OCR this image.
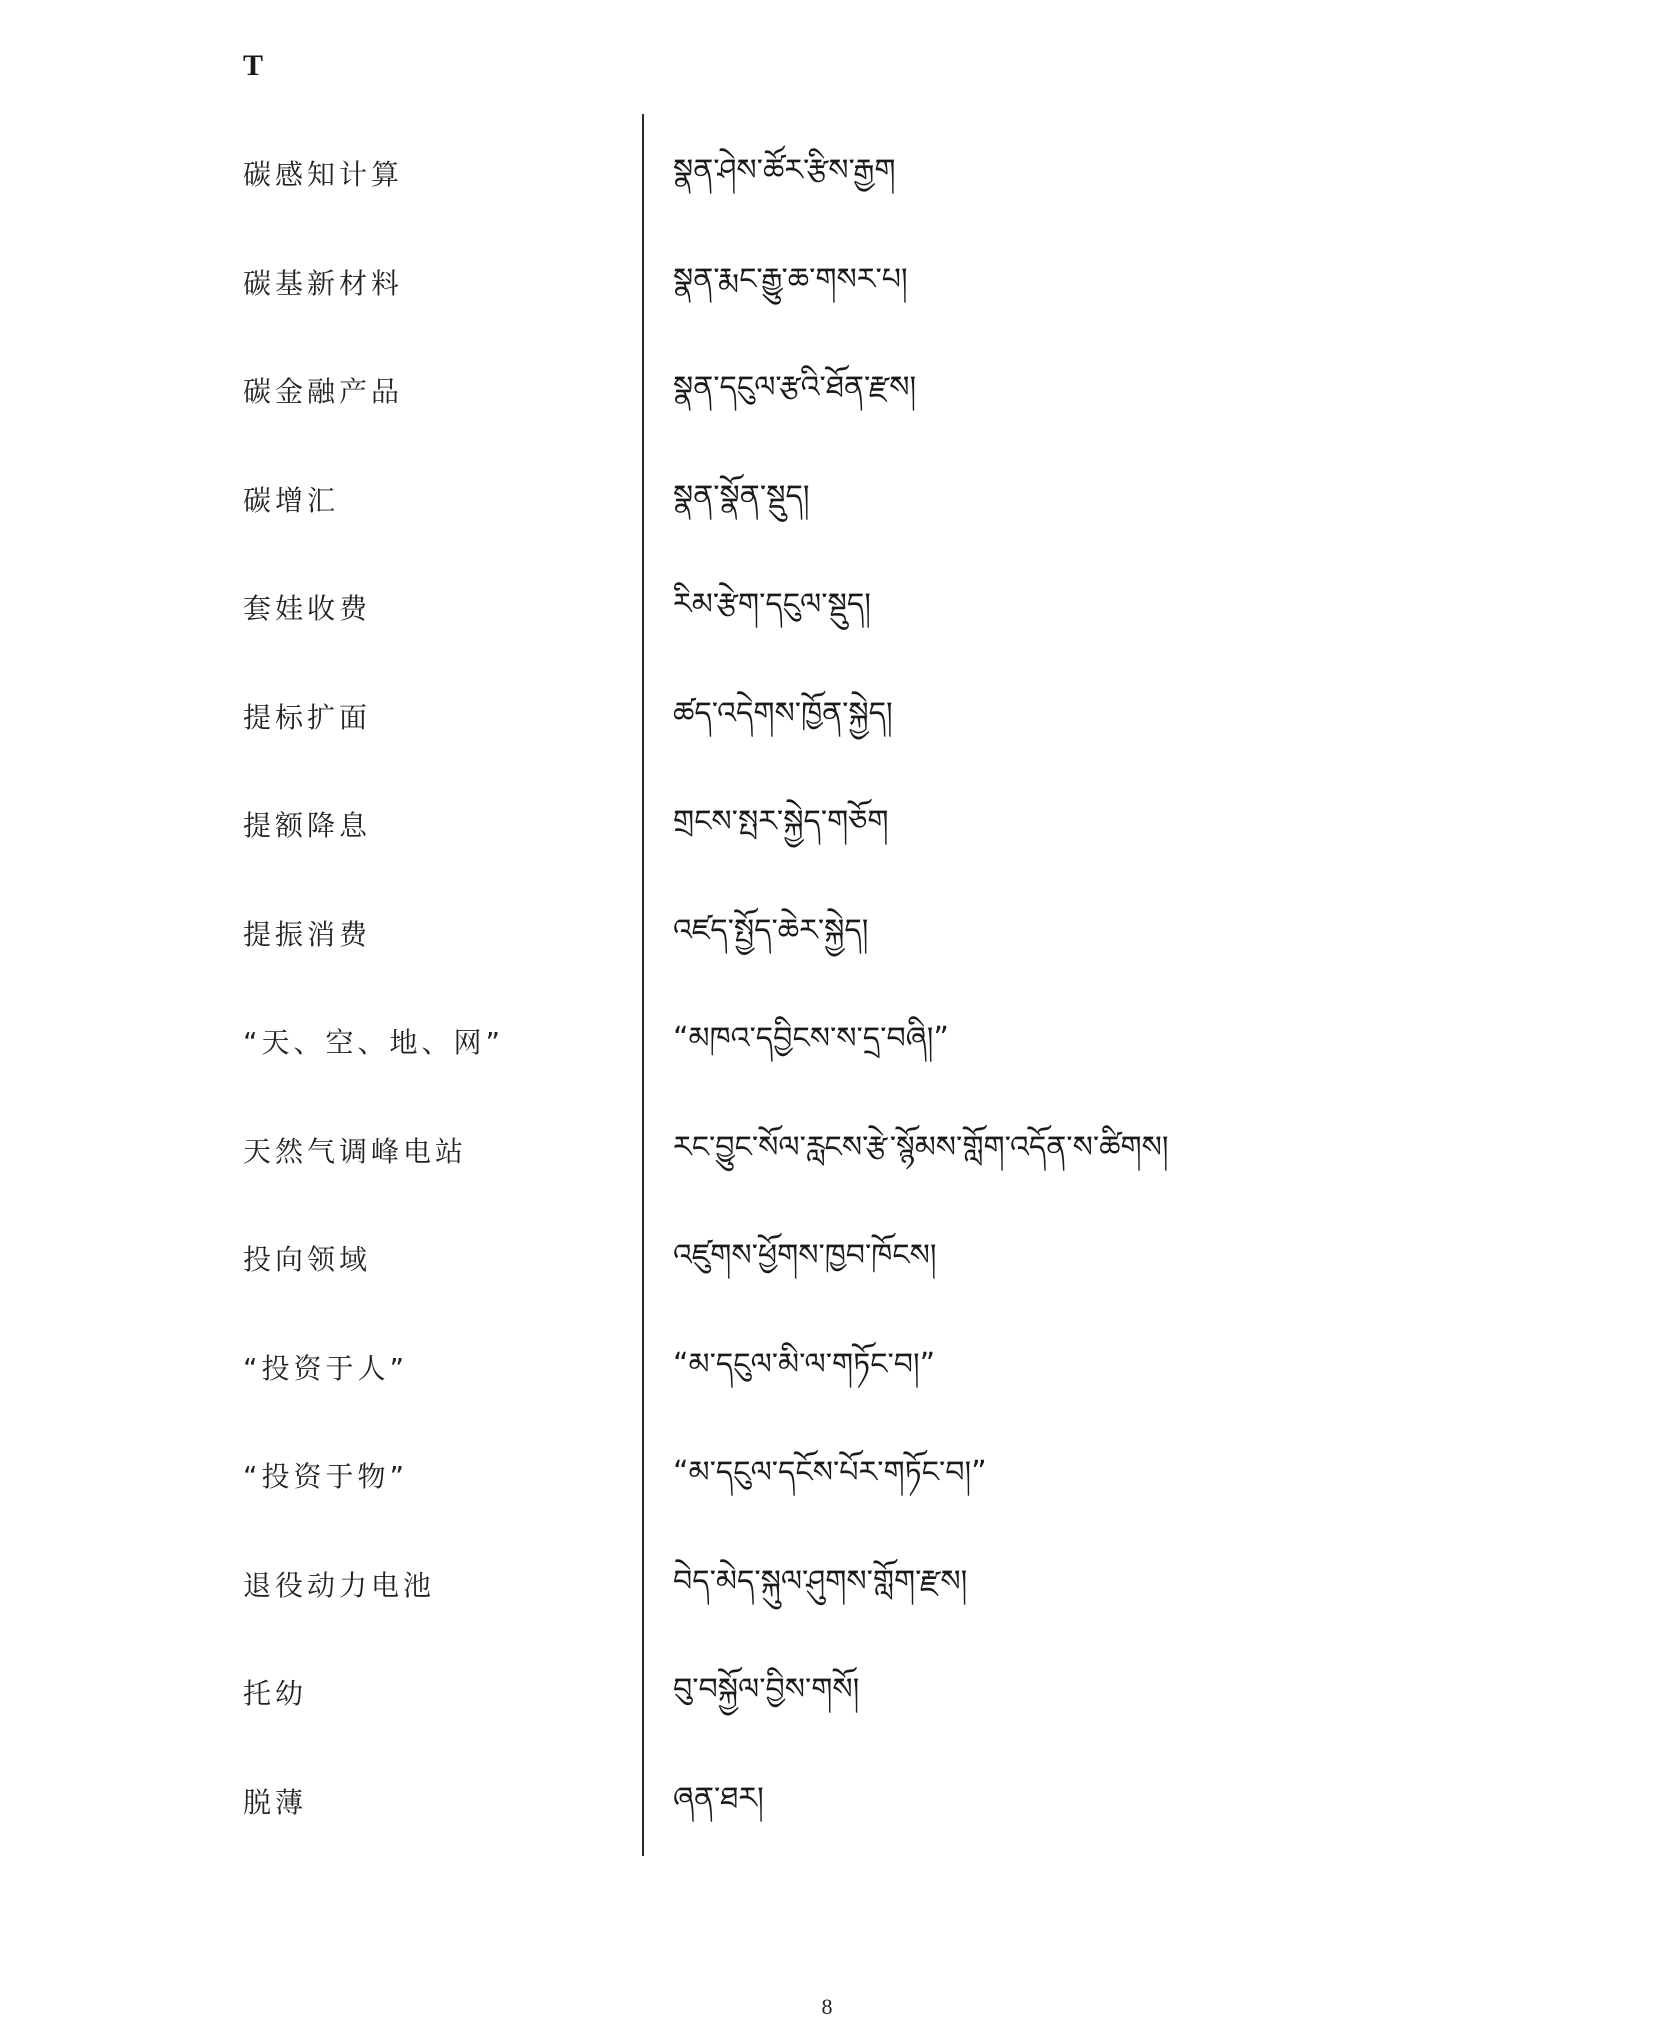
T
碳感知计算	སྣན་ཤེས་ཚོར་རྩིས་རྒྱག
碳基新材料	སྣན་རྨང་རྒྱུ་ཆ་གསར་པ།
碳金融产品	སྣན་དངུལ་རྩའི་ཐོན་རྫས།
碳增汇	སྣན་སྣོན་སྡུད།
套娃收费	རིམ་རྩེག་དངུལ་སྡུད།
提标扩面	ཚད་འདེགས་ཁྱོན་སྐྱེད།
提额降息	གྲངས་སྤར་སྐྱེད་གཅོག
提振消费	འཛད་སྤྱོད་ཆེར་སྐྱེད།
“天、空、地、网”	“མཁའ་དབྱིངས་ས་དྲ་བཞི།”
天然气调峰电站	རང་བྱུང་སོལ་རླངས་རྩེ་སྙོམས་གློག་འདོན་ས་ཚིགས།
投向领域	འཛུགས་ཕྱོགས་ཁྱབ་ཁོངས།
“投资于人”	“མ་དངུལ་མི་ལ་གཏོང་བ།”
“投资于物”	“མ་དངུལ་དངོས་པོར་གཏོང་བ།”
退役动力电池	བེད་མེད་སྐུལ་ཤུགས་གློག་རྫས།
托幼	བུ་བསྐྱོལ་བྱིས་གསོ།
脱薄	ཞན་ཐར།
8
